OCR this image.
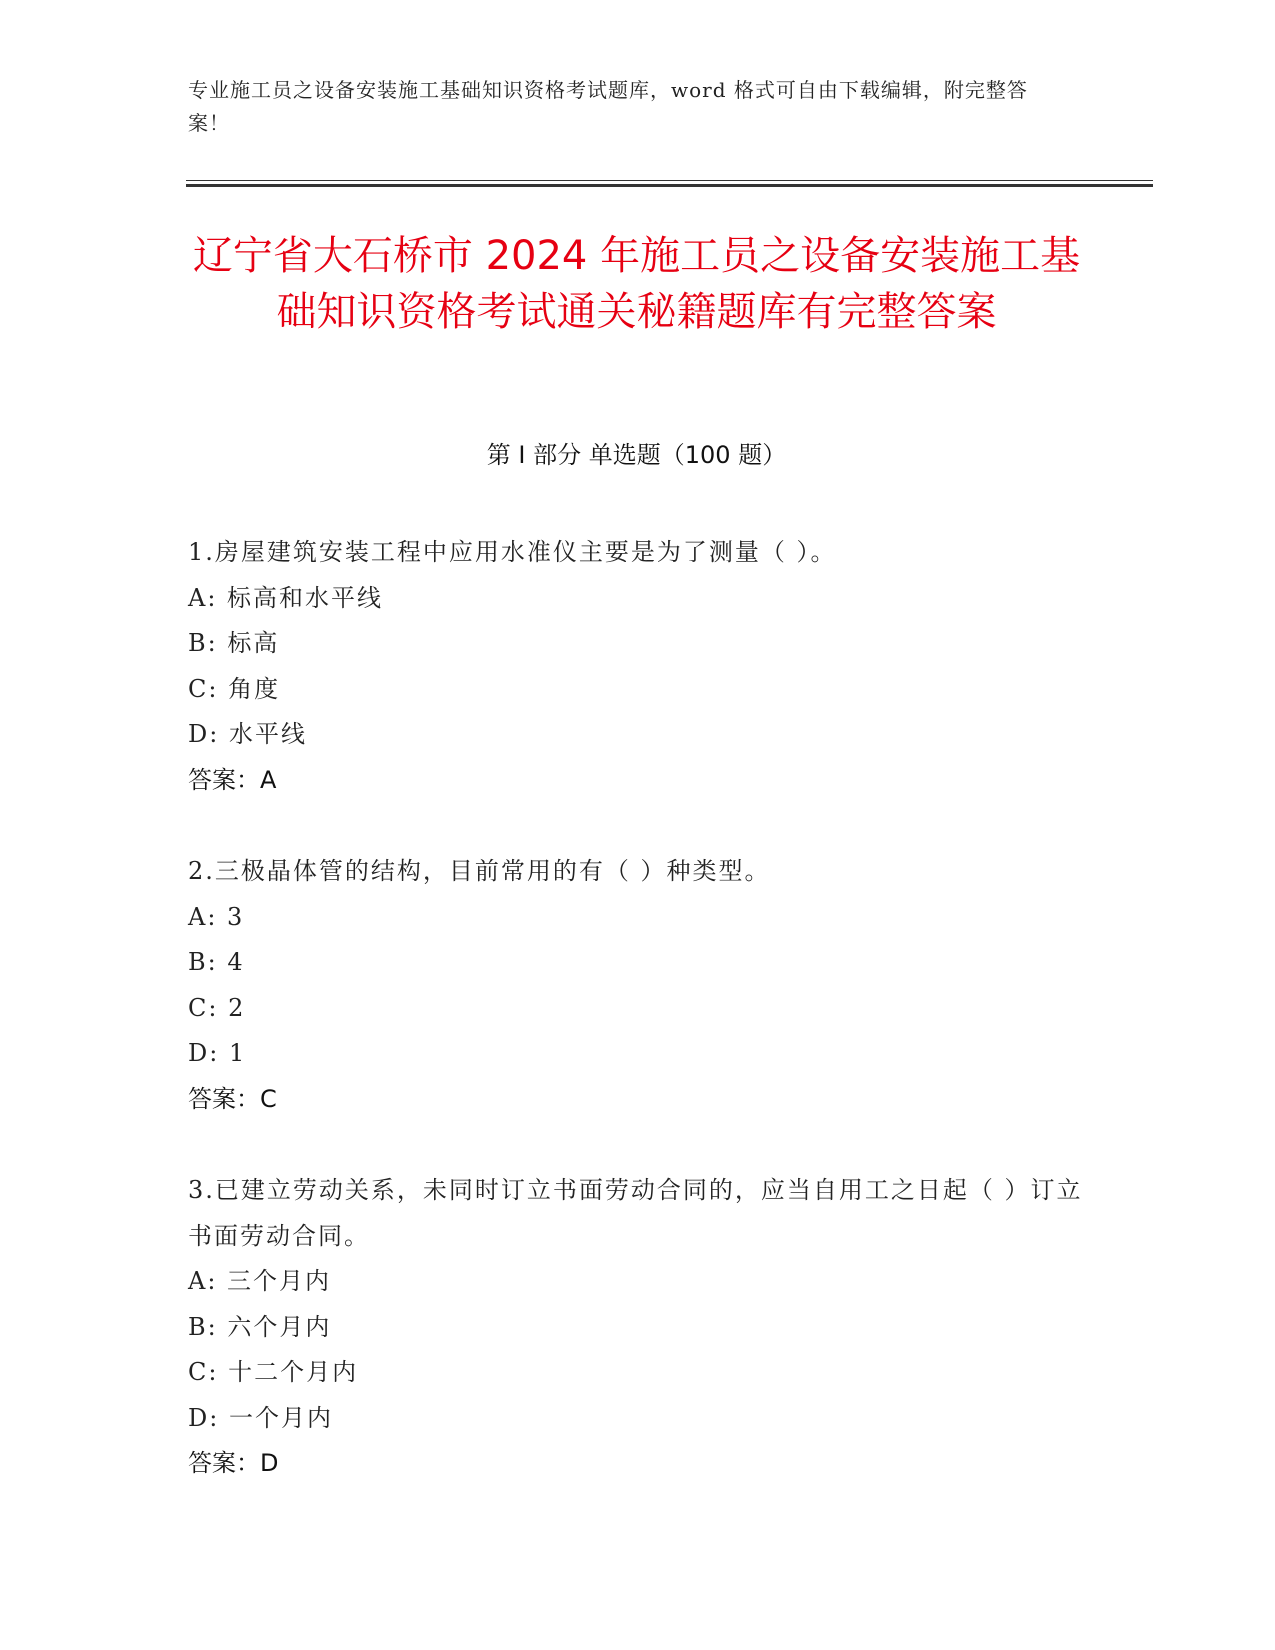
专业施工员之设备安装施工基础知识资格考试题库，word 格式可自由下载编辑，附完整答案！
辽宁省大石桥市 2024 年施工员之设备安装施工基础知识资格考试通关秘籍题库有完整答案
第 I 部分 单选题（100 题）
1.房屋建筑安装工程中应用水准仪主要是为了测量（ ）。
A: 标高和水平线
B: 标高
C: 角度
D: 水平线
答案：A
2.三极晶体管的结构，目前常用的有（ ）种类型。
A: 3
B: 4
C: 2
D: 1
答案：C
3.已建立劳动关系，未同时订立书面劳动合同的，应当自用工之日起（ ）订立书面劳动合同。
A: 三个月内
B: 六个月内
C: 十二个月内
D: 一个月内
答案：D
